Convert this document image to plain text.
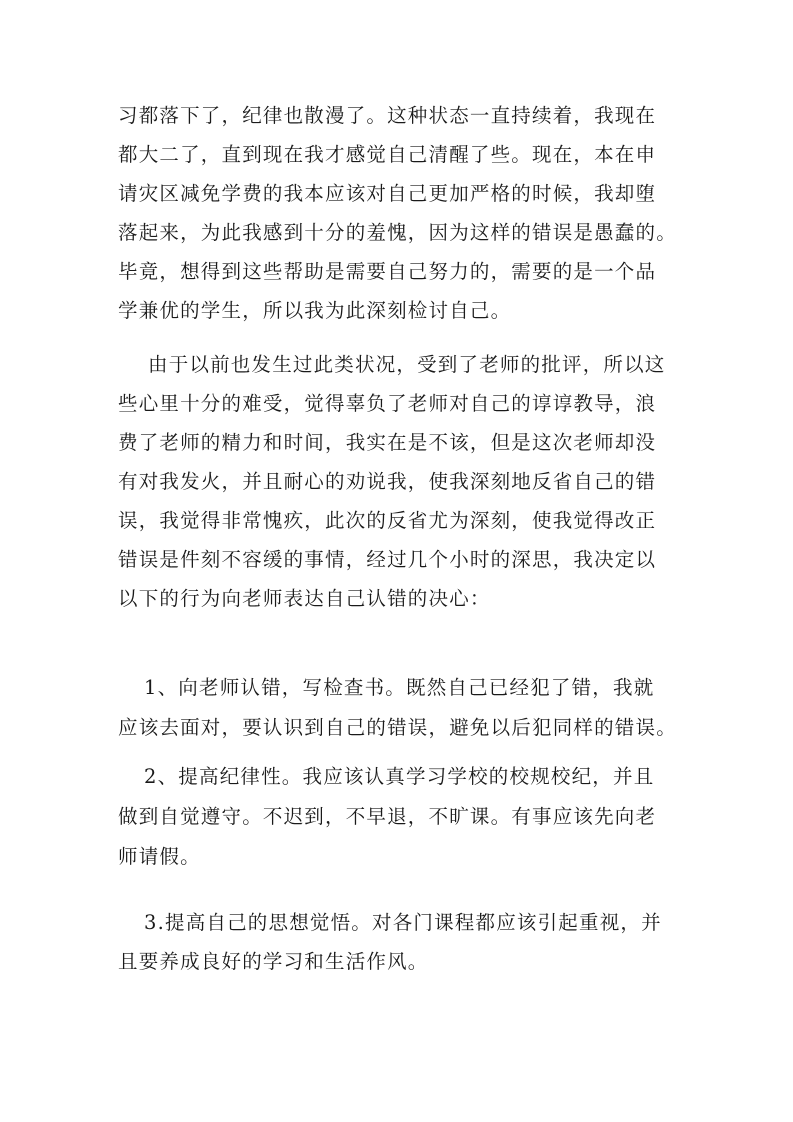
习都落下了，纪律也散漫了。这种状态一直持续着，我现在
都大二了，直到现在我才感觉自己清醒了些。现在，本在申
请灾区减免学费的我本应该对自己更加严格的时候，我却堕
落起来，为此我感到十分的羞愧，因为这样的错误是愚蠢的。
毕竟，想得到这些帮助是需要自己努力的，需要的是一个品
学兼优的学生，所以我为此深刻检讨自己。
由于以前也发生过此类状况，受到了老师的批评，所以这
些心里十分的难受，觉得辜负了老师对自己的谆谆教导，浪
费了老师的精力和时间，我实在是不该，但是这次老师却没
有对我发火，并且耐心的劝说我，使我深刻地反省自己的错
误，我觉得非常愧疚，此次的反省尤为深刻，使我觉得改正
错误是件刻不容缓的事情，经过几个小时的深思，我决定以
以下的行为向老师表达自己认错的决心：
1、向老师认错，写检查书。既然自己已经犯了错，我就
应该去面对，要认识到自己的错误，避免以后犯同样的错误。
2、提高纪律性。我应该认真学习学校的校规校纪，并且
做到自觉遵守。不迟到，不早退，不旷课。有事应该先向老
师请假。
3.提高自己的思想觉悟。对各门课程都应该引起重视，并
且要养成良好的学习和生活作风。
